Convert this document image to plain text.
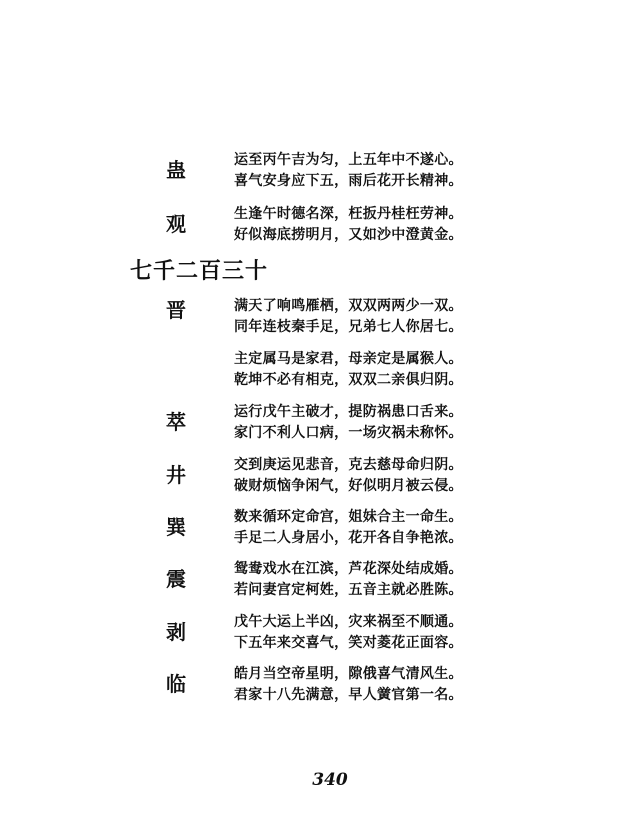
蛊	运至丙午吉为匀，上五年中不遂心。
喜气安身应下五，雨后花开长精神。
观	生逢午时德名深，枉扳丹桂枉劳神。
好似海底捞明月，又如沙中澄黄金。
七千二百三十
晋	满天了响鸣雁栖，双双两两少一双。
同年连枝秦手足，兄弟七人你居七。
主定属马是家君，母亲定是属猴人。
乾坤不必有相克，双双二亲俱归阴。
萃	运行戊午主破才，提防祸患口舌来。
家门不利人口病，一场灾祸未称怀。
井	交到庚运见悲音，克去慈母命归阴。
破财烦恼争闲气，好似明月被云侵。
巽	数来循环定命宫，姐妹合主一命生。
手足二人身居小，花开各自争艳浓。
震	鸳鸯戏水在江滨，芦花深处结成婚。
若问妻宫定柯姓，五音主就必胜陈。
剥	戊午大运上半凶，灾来祸至不顺通。
下五年来交喜气，笑对菱花正面容。
临	皓月当空帝星明，隙俄喜气清风生。
君家十八先满意，早人黉官第一名。
340
